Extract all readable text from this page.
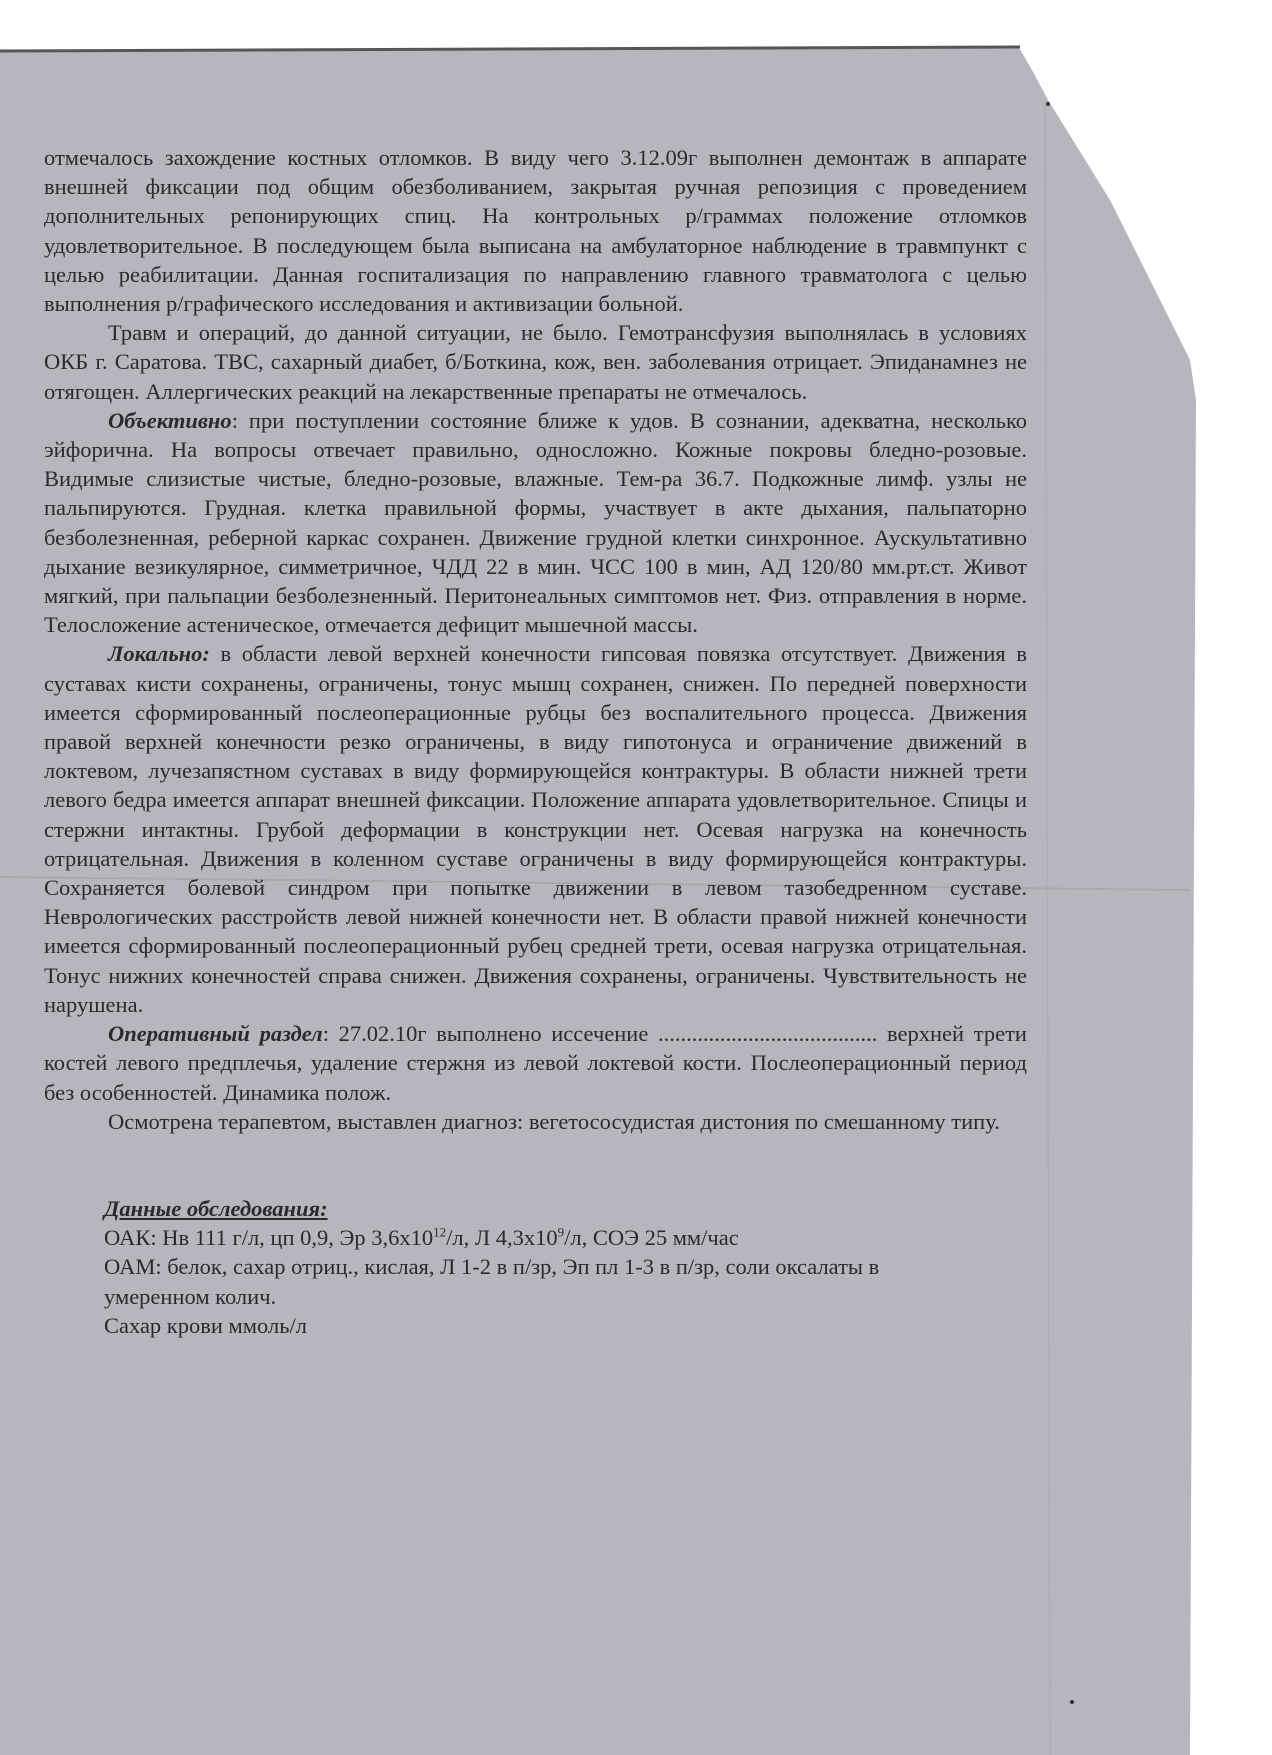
отмечалось захождение костных отломков. В виду чего 3.12.09г выполнен демонтаж в аппарате внешней фиксации под общим обезболиванием, закрытая ручная репозиция с проведением дополнительных репонирующих спиц. На контрольных р/граммах положение отломков удовлетворительное. В последующем была выписана на амбулаторное наблюдение в травмпункт с целью реабилитации. Данная госпитализация по направлению главного травматолога с целью выполнения р/графического исследования и активизации больной.

Травм и операций, до данной ситуации, не было. Гемотрансфузия выполнялась в условиях ОКБ г. Саратова. ТВС, сахарный диабет, б/Боткина, кож, вен. заболевания отрицает. Эпиданамнез не отягощен. Аллергических реакций на лекарственные препараты не отмечалось.

Объективно: при поступлении состояние ближе к удов. В сознании, адекватна, несколько эйфорична. На вопросы отвечает правильно, односложно. Кожные покровы бледно-розовые. Видимые слизистые чистые, бледно-розовые, влажные. Тем-ра 36.7. Подкожные лимф. узлы не пальпируются. Грудная. клетка правильной формы, участвует в акте дыхания, пальпаторно безболезненная, реберной каркас сохранен. Движение грудной клетки синхронное. Аускультативно дыхание везикулярное, симметричное, ЧДД 22 в мин. ЧСС 100 в мин, АД 120/80 мм.рт.ст. Живот мягкий, при пальпации безболезненный. Перитонеальных симптомов нет. Физ. отправления в норме. Телосложение астеническое, отмечается дефицит мышечной массы.

Локально: в области левой верхней конечности гипсовая повязка отсутствует. Движения в суставах кисти сохранены, ограничены, тонус мышц сохранен, снижен. По передней поверхности имеется сформированный послеоперационные рубцы без воспалительного процесса. Движения правой верхней конечности резко ограничены, в виду гипотонуса и ограничение движений в локтевом, лучезапястном суставах в виду формирующейся контрактуры. В области нижней трети левого бедра имеется аппарат внешней фиксации. Положение аппарата удовлетворительное. Спицы и стержни интактны. Грубой деформации в конструкции нет. Осевая нагрузка на конечность отрицательная. Движения в коленном суставе ограничены в виду формирующейся контрактуры. Сохраняется болевой синдром при попытке движении в левом тазобедренном суставе. Неврологических расстройств левой нижней конечности нет. В области правой нижней конечности имеется сформированный послеоперационный рубец средней трети, осевая нагрузка отрицательная. Тонус нижних конечностей справа снижен. Движения сохранены, ограничены. Чувствительность не нарушена.

Оперативный раздел: 27.02.10г выполнено иссечение ....................................... верхней трети костей левого предплечья, удаление стержня из левой локтевой кости. Послеоперационный период без особенностей. Динамика полож.

Осмотрена терапевтом, выставлен диагноз: вегетососудистая дистония по смешанному типу.

Данные обследования:

ОАК: Нв 111 г/л, цп 0,9, Эр $3,6х10^{12}/л$, Л $4,3х10^9/л$, СОЭ 25 мм/час

ОАМ: белок, сахар отриц., кислая, Л 1-2 в п/зр, Эп пл 1-3 в п/зр, соли оксалаты в умеренном колич.

Сахар крови ммоль/л
